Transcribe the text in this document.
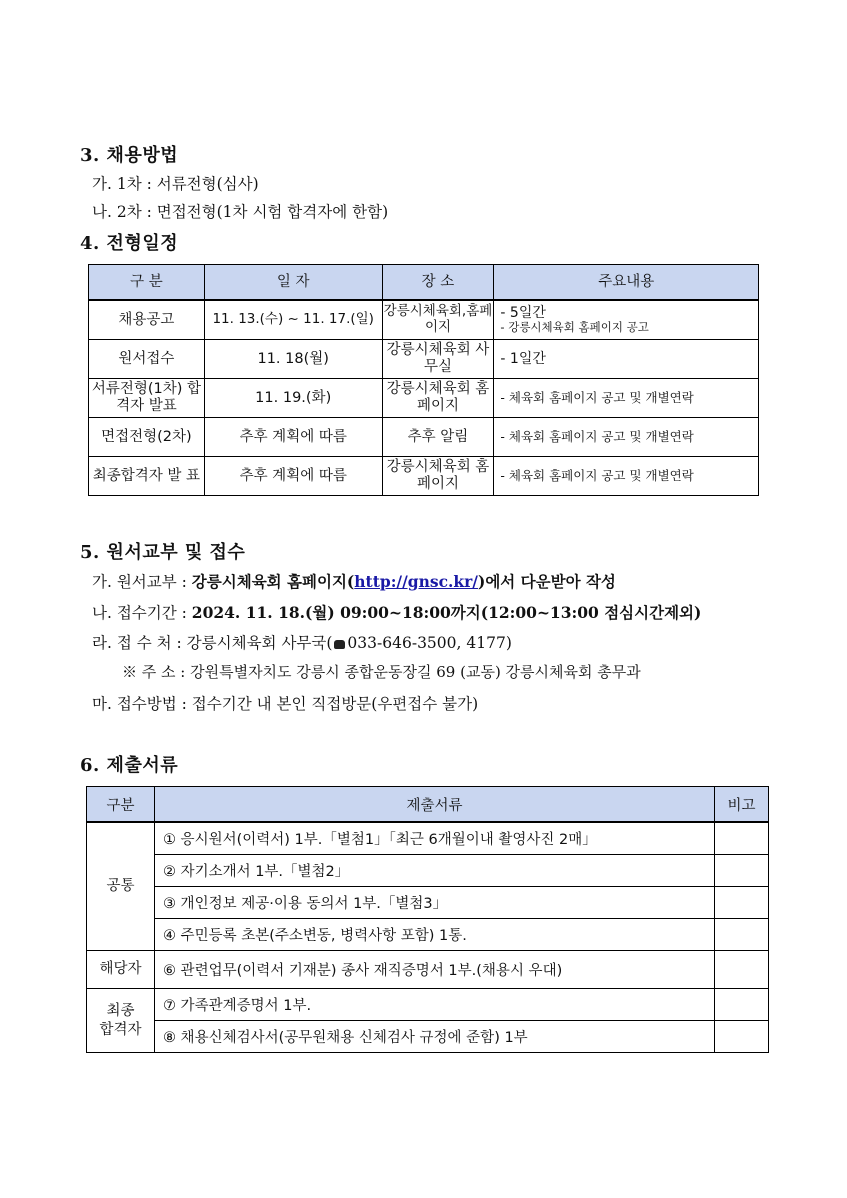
3. 채용방법
가. 1차 : 서류전형(심사)
나. 2차 : 면접전형(1차 시험 합격자에 한함)
4. 전형일정
구 분	일 자	장 소	주요내용
채용공고	11. 13.(수) ~ 11. 17.(일)	강릉시체육회,홈페이지	- 5일간
- 강릉시체육회 홈페이지 공고

원서접수	11. 18(월)	강릉시체육회 사무실	- 1일간

서류전형(1차) 합격자 발표	11. 19.(화)	강릉시체육회 홈페이지	- 체육회 홈페이지 공고 및 개별연락

면접전형(2차)	추후 계획에 따름	추후 알림	- 체육회 홈페이지 공고 및 개별연락

최종합격자 발 표	추후 계획에 따름	강릉시체육회 홈페이지	- 체육회 홈페이지 공고 및 개별연락
5. 원서교부 및 접수
가. 원서교부 : 강릉시체육회 홈페이지(http://gnsc.kr/)에서 다운받아 작성
나. 접수기간 : 2024. 11. 18.(월) 09:00~18:00까지(12:00~13:00 점심시간제외)
라. 접 수 처 : 강릉시체육회 사무국( 033-646-3500, 4177)
※ 주 소 : 강원특별자치도 강릉시 종합운동장길 69 (교동) 강릉시체육회 총무과
마. 접수방법 : 접수기간 내 본인 직접방문(우편접수 불가)
6. 제출서류
구분	제출서류	비고
공통	① 응시원서(이력서) 1부.「별첨1」「최근 6개월이내 촬영사진 2매」	
	② 자기소개서 1부.「별첨2」	
	③ 개인정보 제공·이용 동의서 1부.「별첨3」	
	④ 주민등록 초본(주소변동, 병력사항 포함) 1통.	
해당자	⑥ 관련업무(이력서 기재분) 종사 재직증명서 1부.(채용시 우대)	
최종 합격자	⑦ 가족관계증명서 1부.	
	⑧ 채용신체검사서(공무원채용 신체검사 규정에 준함) 1부	
